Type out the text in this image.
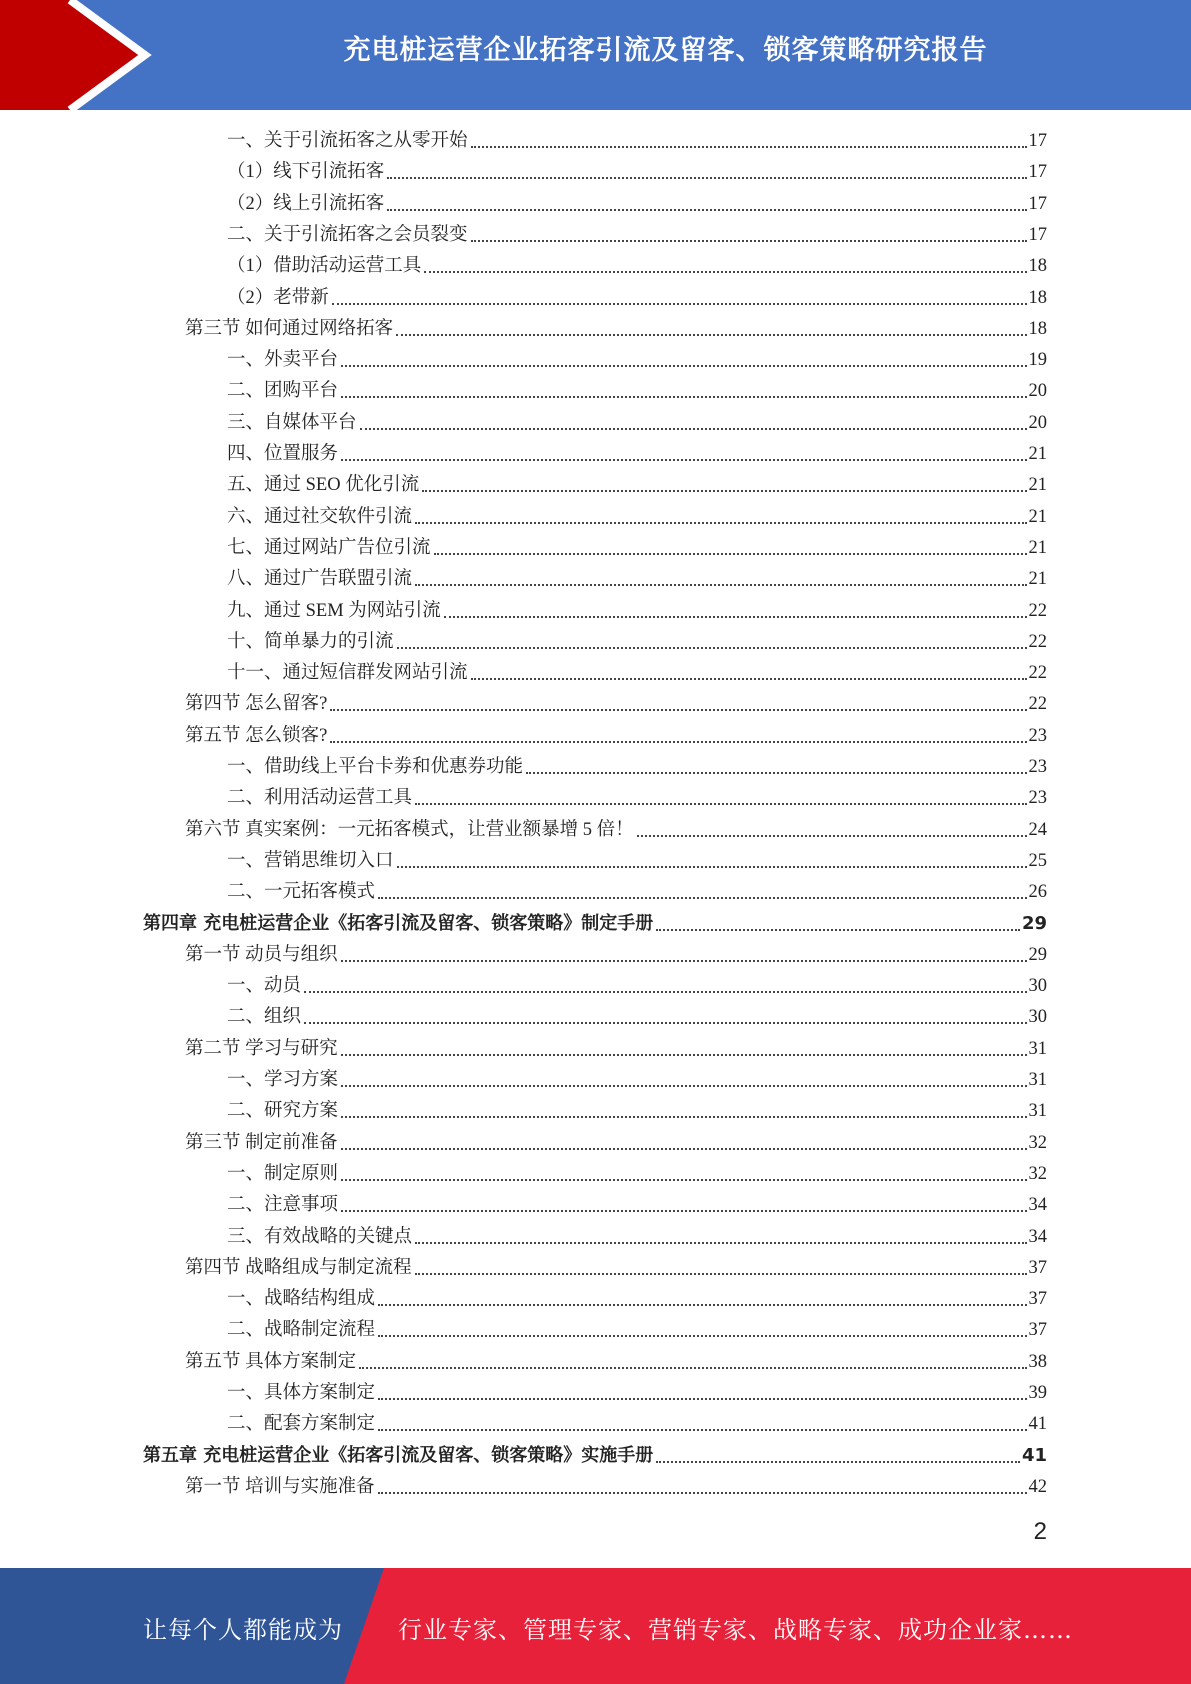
充电桩运营企业拓客引流及留客、锁客策略研究报告
一、关于引流拓客之从零开始	17
（1）线下引流拓客	17
（2）线上引流拓客	17
二、关于引流拓客之会员裂变	17
（1）借助活动运营工具	18
（2）老带新	18
第三节 如何通过网络拓客	18
一、外卖平台	19
二、团购平台	20
三、自媒体平台	20
四、位置服务	21
五、通过 SEO 优化引流	21
六、通过社交软件引流	21
七、通过网站广告位引流	21
八、通过广告联盟引流	21
九、通过 SEM 为网站引流	22
十、简单暴力的引流	22
十一、通过短信群发网站引流	22
第四节 怎么留客?	22
第五节 怎么锁客?	23
一、借助线上平台卡劵和优惠券功能	23
二、利用活动运营工具	23
第六节 真实案例：一元拓客模式，让营业额暴增 5 倍！	24
一、营销思维切入口	25
二、一元拓客模式	26
第四章 充电桩运营企业《拓客引流及留客、锁客策略》制定手册	29
第一节 动员与组织	29
一、动员	30
二、组织	30
第二节 学习与研究	31
一、学习方案	31
二、研究方案	31
第三节 制定前准备	32
一、制定原则	32
二、注意事项	34
三、有效战略的关键点	34
第四节 战略组成与制定流程	37
一、战略结构组成	37
二、战略制定流程	37
第五节 具体方案制定	38
一、具体方案制定	39
二、配套方案制定	41
第五章 充电桩运营企业《拓客引流及留客、锁客策略》实施手册	41
第一节 培训与实施准备	42
2
让每个人都能成为 行业专家、管理专家、营销专家、战略专家、成功企业家……
